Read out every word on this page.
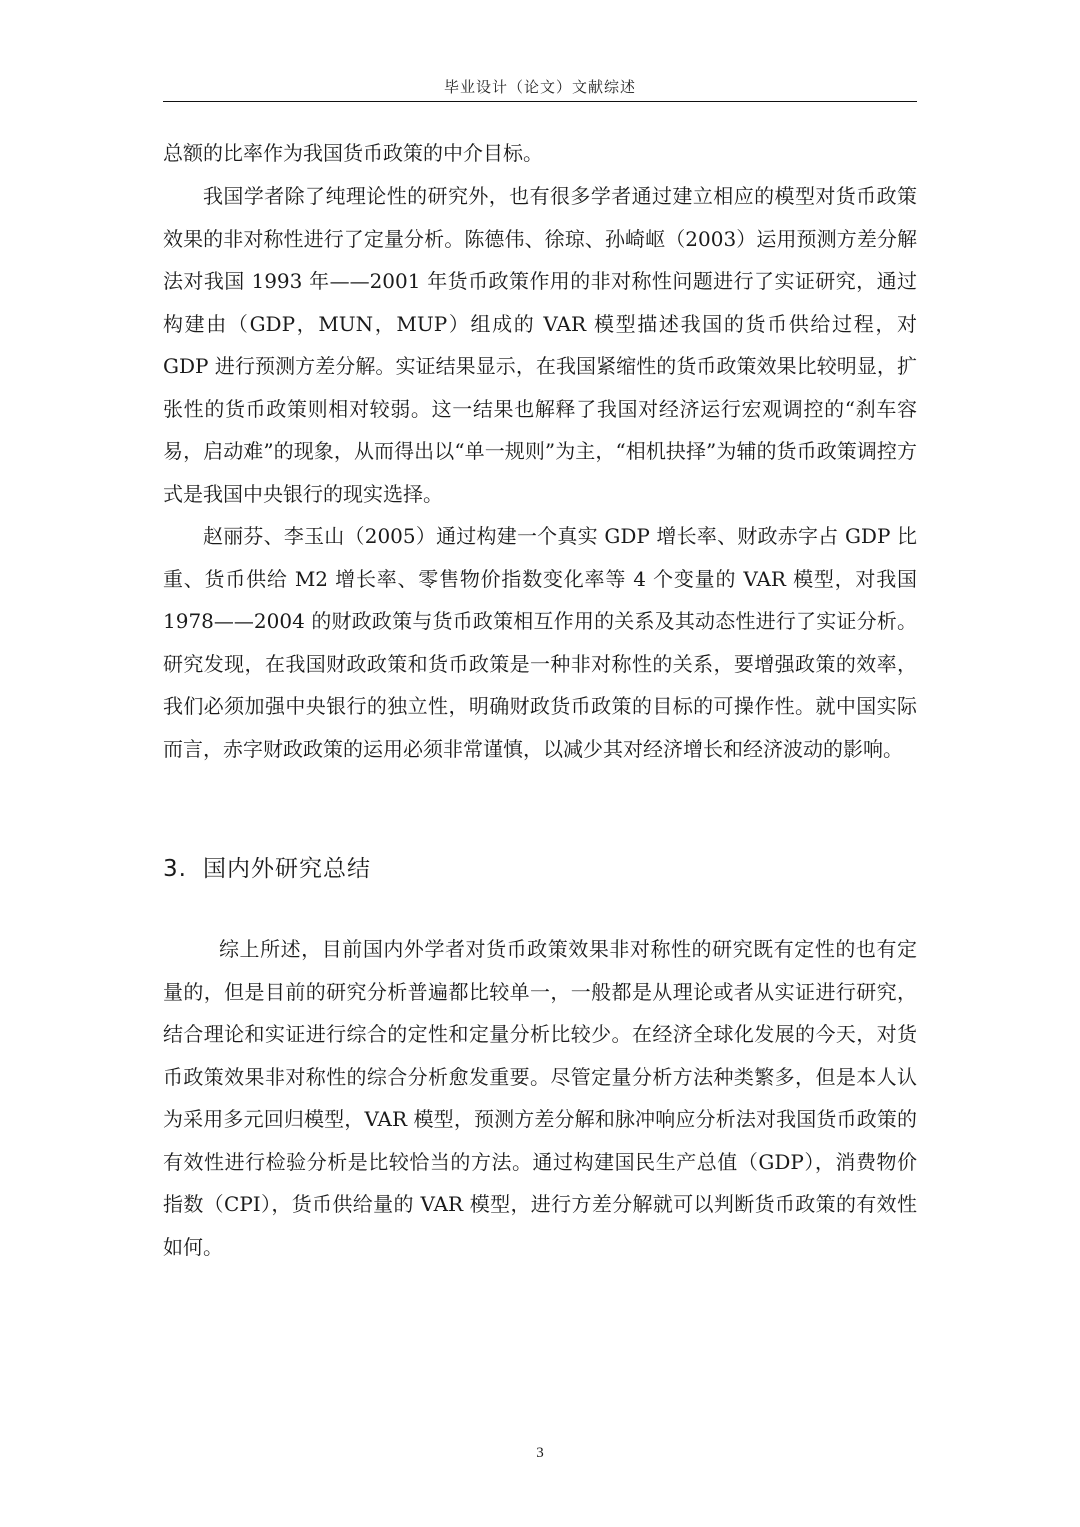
毕业设计（论文）文献综述

总额的比率作为我国货币政策的中介目标。

我国学者除了纯理论性的研究外，也有很多学者通过建立相应的模型对货币政策效果的非对称性进行了定量分析。陈德伟、徐琼、孙崎岖（2003）运用预测方差分解法对我国 1993 年——2001 年货币政策作用的非对称性问题进行了实证研究，通过构建由（GDP，MUN，MUP）组成的 VAR 模型描述我国的货币供给过程，对 GDP 进行预测方差分解。实证结果显示，在我国紧缩性的货币政策效果比较明显，扩张性的货币政策则相对较弱。这一结果也解释了我国对经济运行宏观调控的“刹车容易，启动难”的现象，从而得出以“单一规则”为主，“相机抉择”为辅的货币政策调控方式是我国中央银行的现实选择。

赵丽芬、李玉山（2005）通过构建一个真实 GDP 增长率、财政赤字占 GDP 比重、货币供给 M2 增长率、零售物价指数变化率等 4 个变量的 VAR 模型，对我国 1978——2004 的财政政策与货币政策相互作用的关系及其动态性进行了实证分析。研究发现，在我国财政政策和货币政策是一种非对称性的关系，要增强政策的效率，我们必须加强中央银行的独立性，明确财政货币政策的目标的可操作性。就中国实际而言，赤字财政政策的运用必须非常谨慎，以减少其对经济增长和经济波动的影响。

3. 国内外研究总结

综上所述，目前国内外学者对货币政策效果非对称性的研究既有定性的也有定量的，但是目前的研究分析普遍都比较单一，一般都是从理论或者从实证进行研究，结合理论和实证进行综合的定性和定量分析比较少。在经济全球化发展的今天，对货币政策效果非对称性的综合分析愈发重要。尽管定量分析方法种类繁多，但是本人认为采用多元回归模型，VAR 模型，预测方差分解和脉冲响应分析法对我国货币政策的有效性进行检验分析是比较恰当的方法。通过构建国民生产总值（GDP），消费物价指数（CPI），货币供给量的 VAR 模型，进行方差分解就可以判断货币政策的有效性如何。

3
